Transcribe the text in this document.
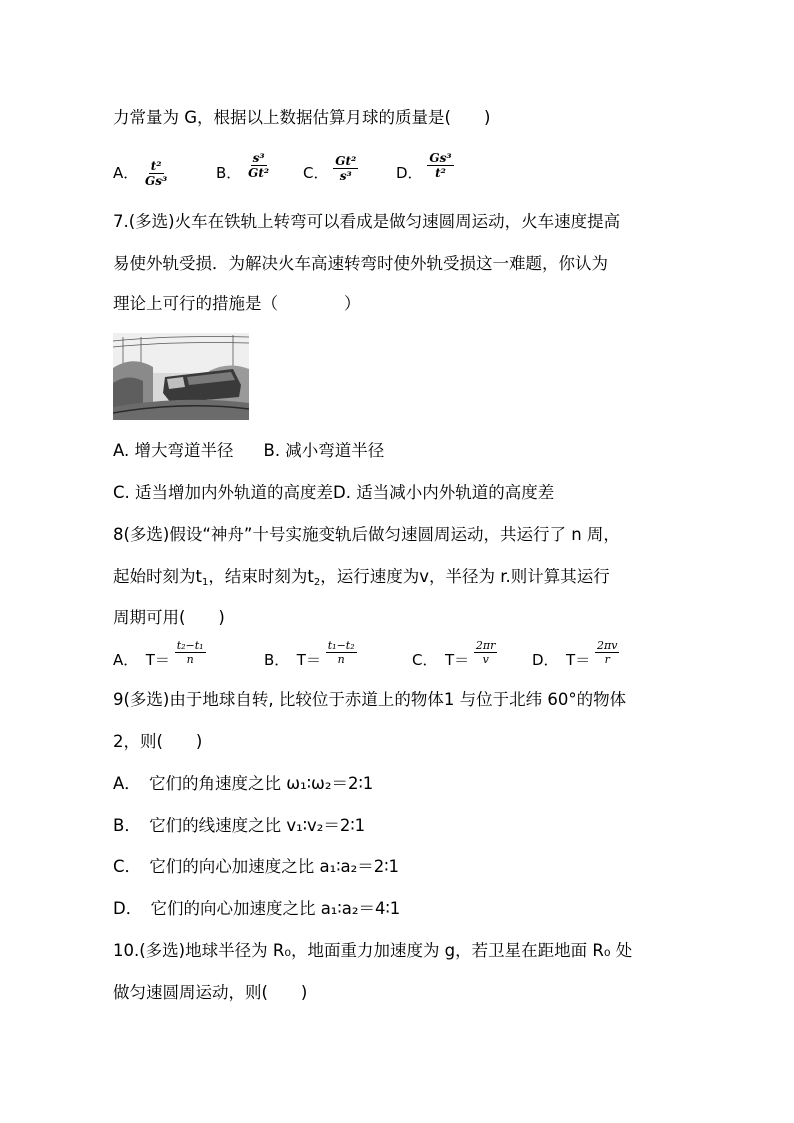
力常量为 G，根据以上数据估算月球的质量是(　　)
A． $\frac{\text{t²}}{\text{Gs³}}$	B． $\frac{\text{s³}}{\text{Gt²}}$ C． $\frac{\text{Gt²}}{\text{s³}}$	D． $\frac{\text{Gs³}}{\text{t²}}$
7.(多选)火车在铁轨上转弯可以看成是做匀速圆周运动，火车速度提高
易使外轨受损．为解决火车高速转弯时使外轨受损这一难题，你认为
理论上可行的措施是（　　　　）
A. 增大弯道半径 B. 减小弯道半径
C. 适当增加内外轨道的高度差D. 适当减小内外轨道的高度差
8(多选)假设“神舟”十号实施变轨后做匀速圆周运动，共运行了 n 周，
起始时刻为$t_1$，结束时刻为$t_2$，运行速度为v，半径为 r.则计算其运行
周期可用(　　)
A．　$T= \frac{\text{t₂−t₁}}{n}$	B．　$T= \frac{\text{t₁−t₂}}{n}$	C．　$T= \frac{2\pi r}{v}$ D．　$T= \frac{2\pi v}{r}$
9(多选)由于地球自转, 比较位于赤道上的物体1 与位于北纬 60°的物体
2，则(　　)
A．　它们的角速度之比 ω₁∶ω₂＝2∶1
B．　它们的线速度之比 v₁∶v₂＝2∶1
C．　它们的向心加速度之比 a₁∶a₂＝2∶1
D．　它们的向心加速度之比 a₁∶a₂＝4∶1
10.(多选)地球半径为 R₀，地面重力加速度为 g，若卫星在距地面 R₀ 处
做匀速圆周运动，则(　　)
